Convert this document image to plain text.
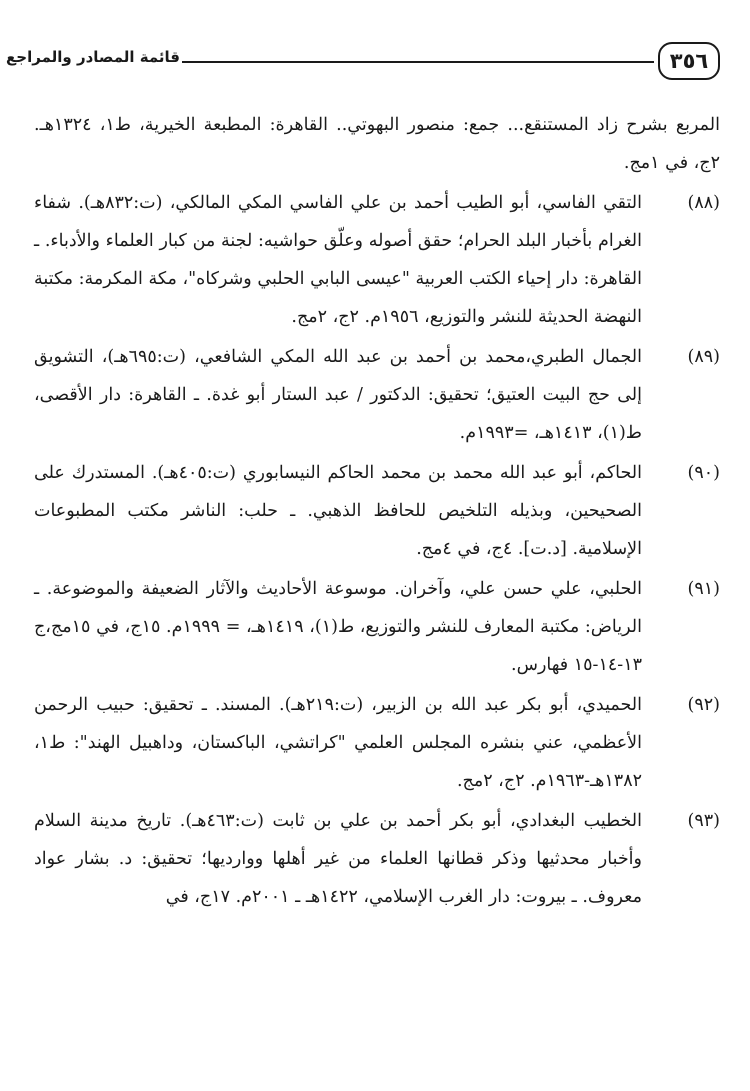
٣٥٦
قائمة المصادر والمراجع
المربع بشرح زاد المستنقع... جمع: منصور البهوتي.. القاهرة: المطبعة الخيرية، ط١، ١٣٢٤هـ. ٢ج، في ١مج.
(٨٨)
التقي الفاسي، أبو الطيب أحمد بن علي الفاسي المكي المالكي، (ت:٨٣٢هـ). شفاء الغرام بأخبار البلد الحرام؛ حقق أصوله وعلّق حواشيه: لجنة من كبار العلماء والأدباء. ـ القاهرة: دار إحياء الكتب العربية "عيسى البابي الحلبي وشركاه"، مكة المكرمة: مكتبة النهضة الحديثة للنشر والتوزيع، ١٩٥٦م. ٢ج، ٢مج.
(٨٩)
الجمال الطبري،محمد بن أحمد بن عبد الله المكي الشافعي، (ت:٦٩٥هـ)، التشويق إلى حج البيت العتيق؛ تحقيق: الدكتور / عبد الستار أبو غدة. ـ القاهرة: دار الأقصى، ط(١)، ١٤١٣هـ، =١٩٩٣م.
(٩٠)
الحاكم، أبو عبد الله محمد بن محمد الحاكم النيسابوري (ت:٤٠٥هـ). المستدرك على الصحيحين، وبذيله التلخيص للحافظ الذهبي. ـ حلب: الناشر مكتب المطبوعات الإسلامية. [د.ت]. ٤ج، في ٤مج.
(٩١)
الحلبي، علي حسن علي، وآخران. موسوعة الأحاديث والآثار الضعيفة والموضوعة. ـ الرياض: مكتبة المعارف للنشر والتوزيع، ط(١)، ١٤١٩هـ، = ١٩٩٩م. ١٥ج، في ١٥مج،ج ١٣-١٤-١٥ فهارس.
(٩٢)
الحميدي، أبو بكر عبد الله بن الزبير، (ت:٢١٩هـ). المسند. ـ تحقيق: حبيب الرحمن الأعظمي، عني بنشره المجلس العلمي "كراتشي، الباكستان، وداهبيل الهند": ط١، ١٣٨٢هـ-١٩٦٣م. ٢ج، ٢مج.
(٩٣)
الخطيب البغدادي، أبو بكر أحمد بن علي بن ثابت (ت:٤٦٣هـ). تاريخ مدينة السلام وأخبار محدثيها وذكر قطانها العلماء من غير أهلها ووارديها؛ تحقيق: د. بشار عواد معروف. ـ بيروت: دار الغرب الإسلامي، ١٤٢٢هـ ـ ٢٠٠١م. ١٧ج، في
